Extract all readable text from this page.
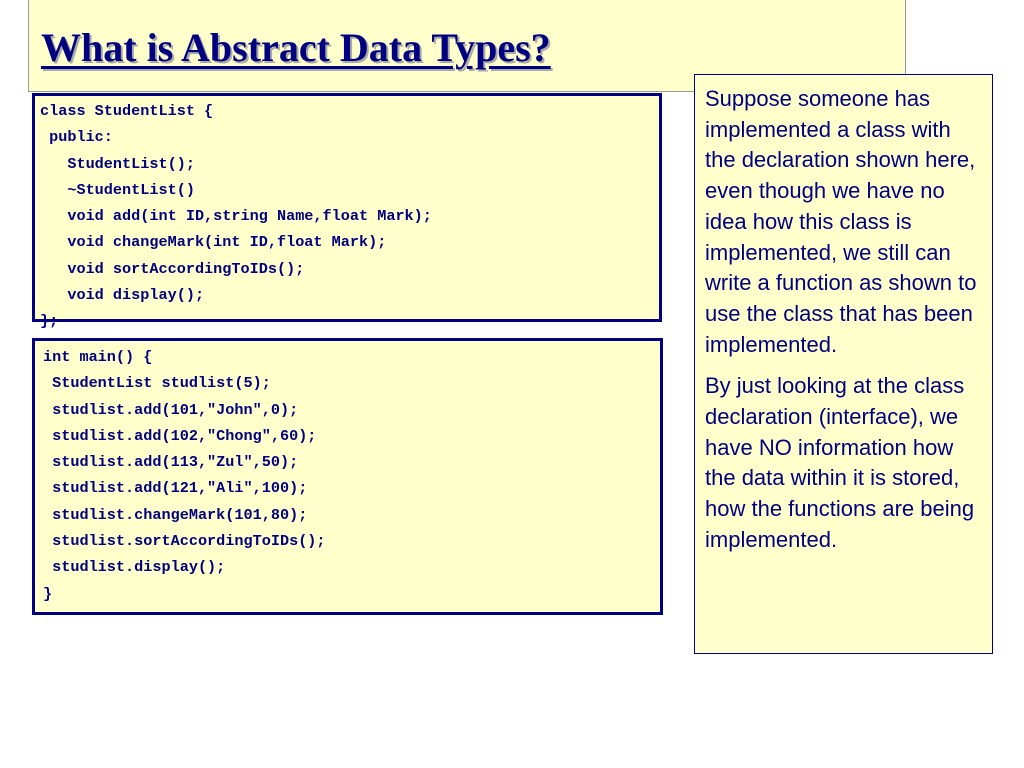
What is Abstract Data Types?
class StudentList {
public:
StudentList();
~StudentList()
void add(int ID,string Name,float Mark);
void changeMark(int ID,float Mark);
void sortAccordingToIDs();
void display();
};
int main() {
StudentList studlist(5);
studlist.add(101,"John",0);
studlist.add(102,"Chong",60);
studlist.add(113,"Zul",50);
studlist.add(121,"Ali",100);
studlist.changeMark(101,80);
studlist.sortAccordingToIDs();
studlist.display();
}

Suppose someone has implemented a class with the declaration shown here, even though we have no idea how this class is implemented, we still can write a function as shown to use the class that has been implemented.

By just looking at the class declaration (interface), we have NO information how the data within it is stored, how the functions are being implemented.
